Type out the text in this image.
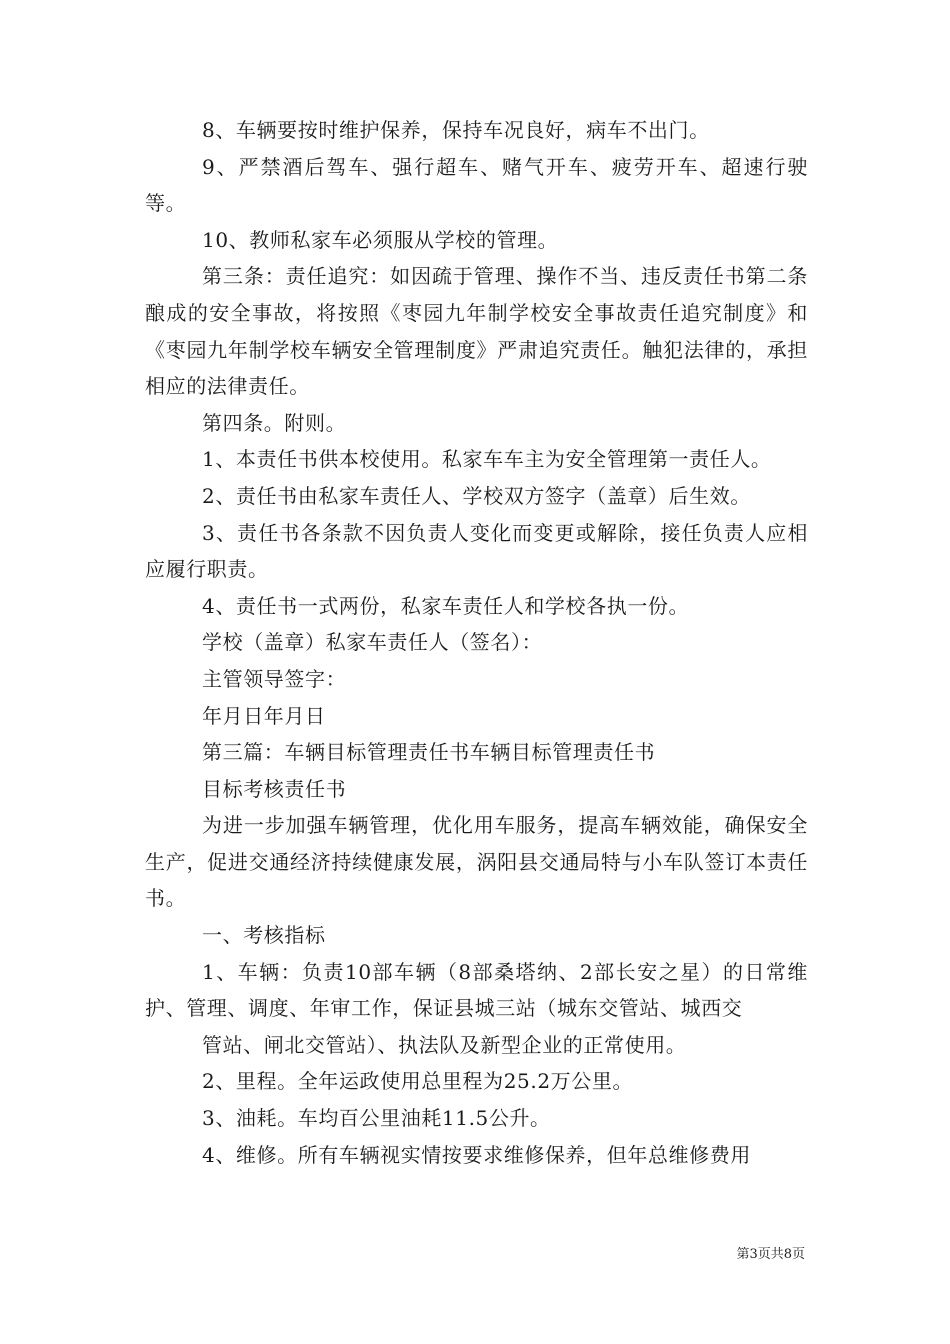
8、车辆要按时维护保养，保持车况良好，病车不出门。

9、严禁酒后驾车、强行超车、赌气开车、疲劳开车、超速行驶等。

10、教师私家车必须服从学校的管理。

第三条：责任追究：如因疏于管理、操作不当、违反责任书第二条酿成的安全事故，将按照《枣园九年制学校安全事故责任追究制度》和《枣园九年制学校车辆安全管理制度》严肃追究责任。触犯法律的，承担相应的法律责任。

第四条。附则。

1、本责任书供本校使用。私家车车主为安全管理第一责任人。

2、责任书由私家车责任人、学校双方签字（盖章）后生效。

3、责任书各条款不因负责人变化而变更或解除，接任负责人应相应履行职责。

4、责任书一式两份，私家车责任人和学校各执一份。

学校（盖章）私家车责任人（签名）：

主管领导签字：

年月日年月日

第三篇：车辆目标管理责任书车辆目标管理责任书

目标考核责任书

为进一步加强车辆管理，优化用车服务，提高车辆效能，确保安全生产，促进交通经济持续健康发展，涡阳县交通局特与小车队签订本责任书。

一、考核指标

1、车辆：负责10部车辆（8部桑塔纳、2部长安之星）的日常维护、管理、调度、年审工作，保证县城三站（城东交管站、城西交

管站、闸北交管站）、执法队及新型企业的正常使用。

2、里程。全年运政使用总里程为25.2万公里。

3、油耗。车均百公里油耗11.5公升。

4、维修。所有车辆视实情按要求维修保养，但年总维修费用

第3页共8页
